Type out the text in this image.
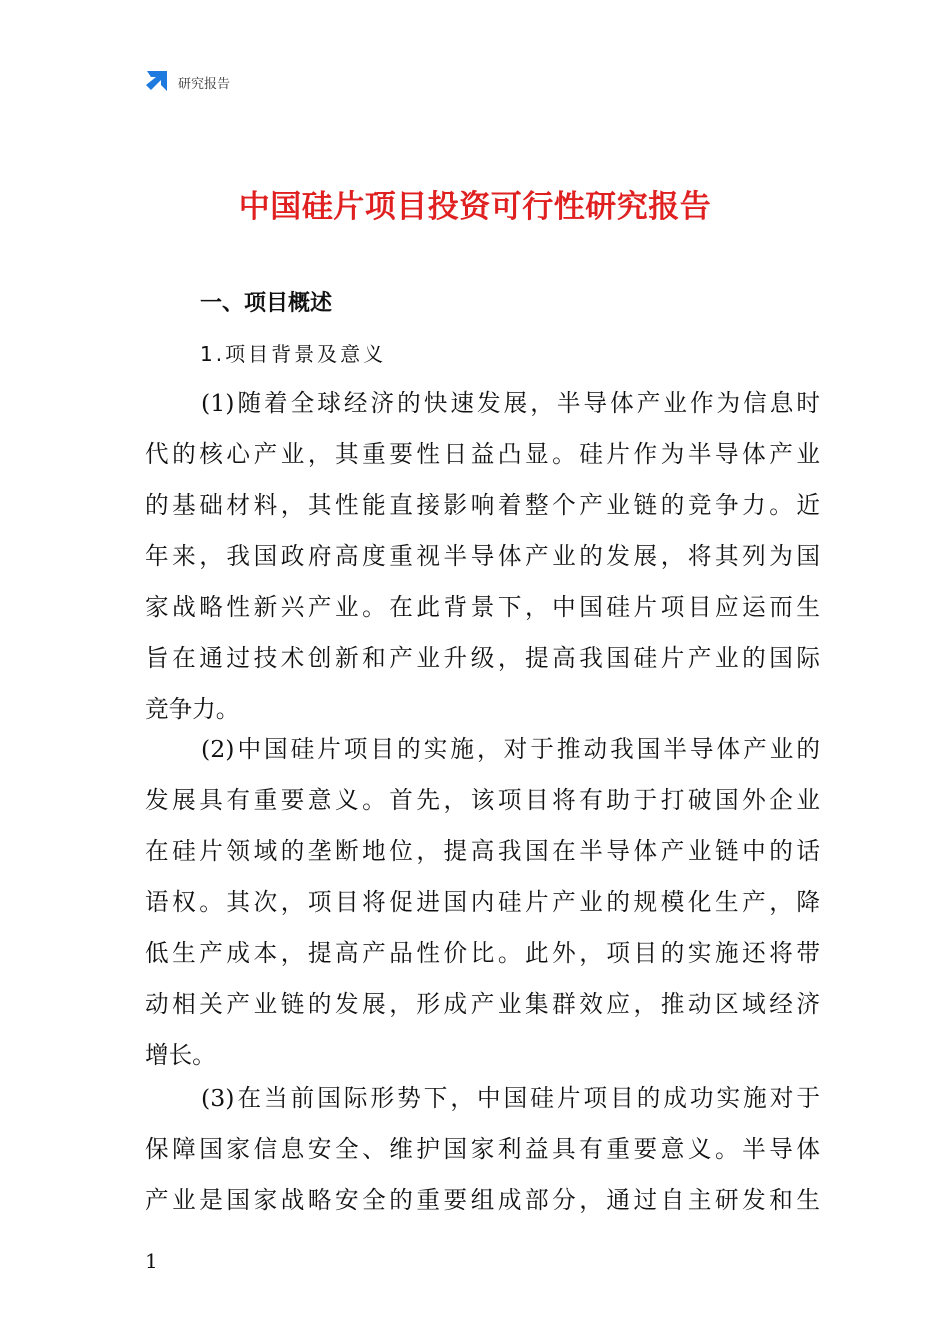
研究报告
中国硅片项目投资可行性研究报告
一、项目概述
1.项目背景及意义
(1)随着全球经济的快速发展，半导体产业作为信息时
代的核心产业，其重要性日益凸显。硅片作为半导体产业
的基础材料，其性能直接影响着整个产业链的竞争力。近
年来，我国政府高度重视半导体产业的发展，将其列为国
家战略性新兴产业。在此背景下，中国硅片项目应运而生
旨在通过技术创新和产业升级，提高我国硅片产业的国际
竞争力。
(2)中国硅片项目的实施，对于推动我国半导体产业的
发展具有重要意义。首先，该项目将有助于打破国外企业
在硅片领域的垄断地位，提高我国在半导体产业链中的话
语权。其次，项目将促进国内硅片产业的规模化生产，降
低生产成本，提高产品性价比。此外，项目的实施还将带
动相关产业链的发展，形成产业集群效应，推动区域经济
增长。
(3)在当前国际形势下，中国硅片项目的成功实施对于
保障国家信息安全、维护国家利益具有重要意义。半导体
产业是国家战略安全的重要组成部分，通过自主研发和生
1
